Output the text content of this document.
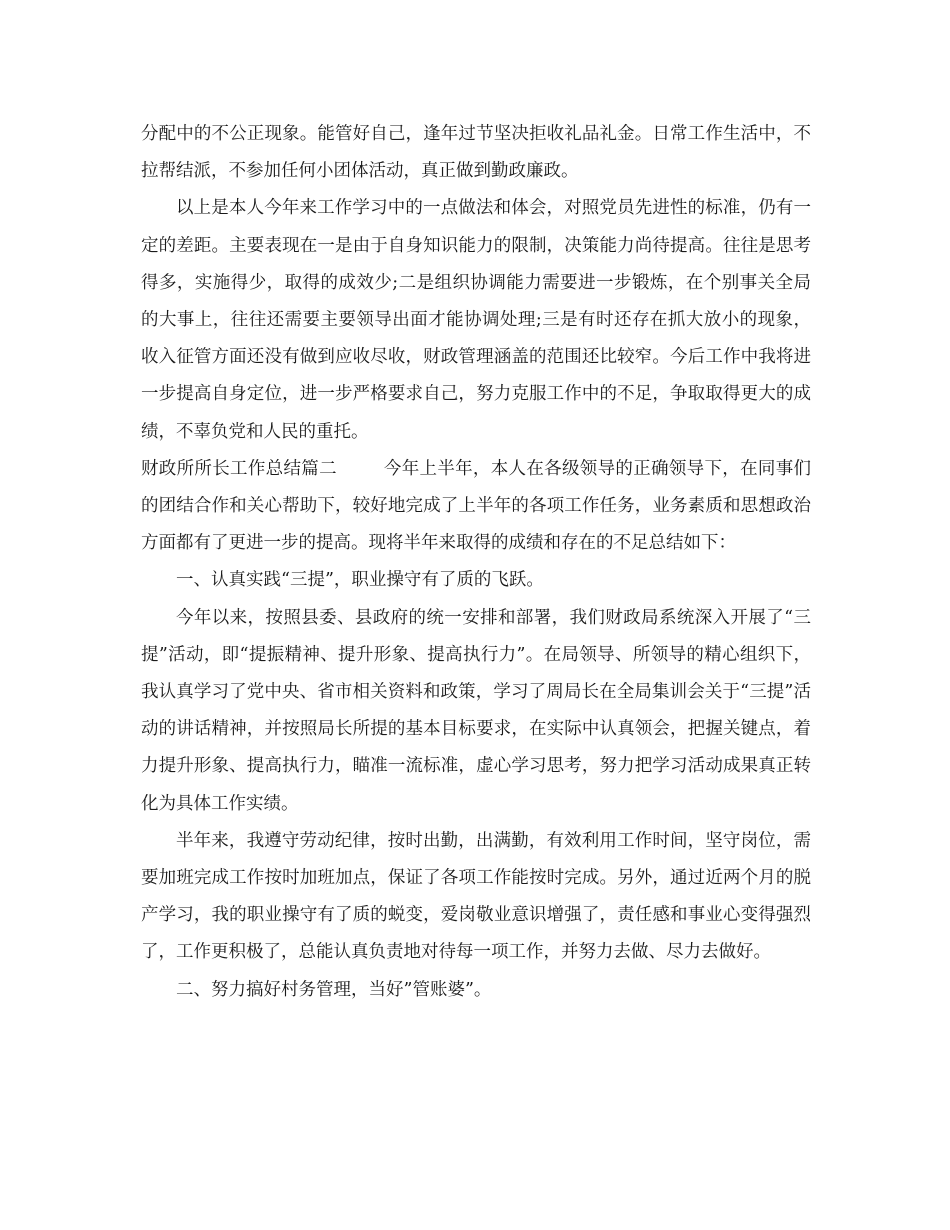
分配中的不公正现象。能管好自己，逢年过节坚决拒收礼品礼金。日常工作生活中，不拉帮结派，不参加任何小团体活动，真正做到勤政廉政。

以上是本人今年来工作学习中的一点做法和体会，对照党员先进性的标准，仍有一定的差距。主要表现在一是由于自身知识能力的限制，决策能力尚待提高。往往是思考得多，实施得少，取得的成效少;二是组织协调能力需要进一步锻炼，在个别事关全局的大事上，往往还需要主要领导出面才能协调处理;三是有时还存在抓大放小的现象，收入征管方面还没有做到应收尽收，财政管理涵盖的范围还比较窄。今后工作中我将进一步提高自身定位，进一步严格要求自己，努力克服工作中的不足，争取取得更大的成绩，不辜负党和人民的重托。

财政所所长工作总结篇二	今年上半年，本人在各级领导的正确领导下，在同事们的团结合作和关心帮助下，较好地完成了上半年的各项工作任务，业务素质和思想政治方面都有了更进一步的提高。现将半年来取得的成绩和存在的不足总结如下：

一、认真实践“三提”，职业操守有了质的飞跃。

今年以来，按照县委、县政府的统一安排和部署，我们财政局系统深入开展了“三提”活动，即“提振精神、提升形象、提高执行力”。在局领导、所领导的精心组织下，我认真学习了党中央、省市相关资料和政策，学习了周局长在全局集训会关于“三提”活动的讲话精神，并按照局长所提的基本目标要求，在实际中认真领会，把握关键点，着力提升形象、提高执行力，瞄准一流标准，虚心学习思考，努力把学习活动成果真正转化为具体工作实绩。

半年来，我遵守劳动纪律，按时出勤，出满勤，有效利用工作时间，坚守岗位，需要加班完成工作按时加班加点，保证了各项工作能按时完成。另外，通过近两个月的脱产学习，我的职业操守有了质的蜕变，爱岗敬业意识增强了，责任感和事业心变得强烈了，工作更积极了，总能认真负责地对待每一项工作，并努力去做、尽力去做好。

二、努力搞好村务管理，当好”管账婆”。
